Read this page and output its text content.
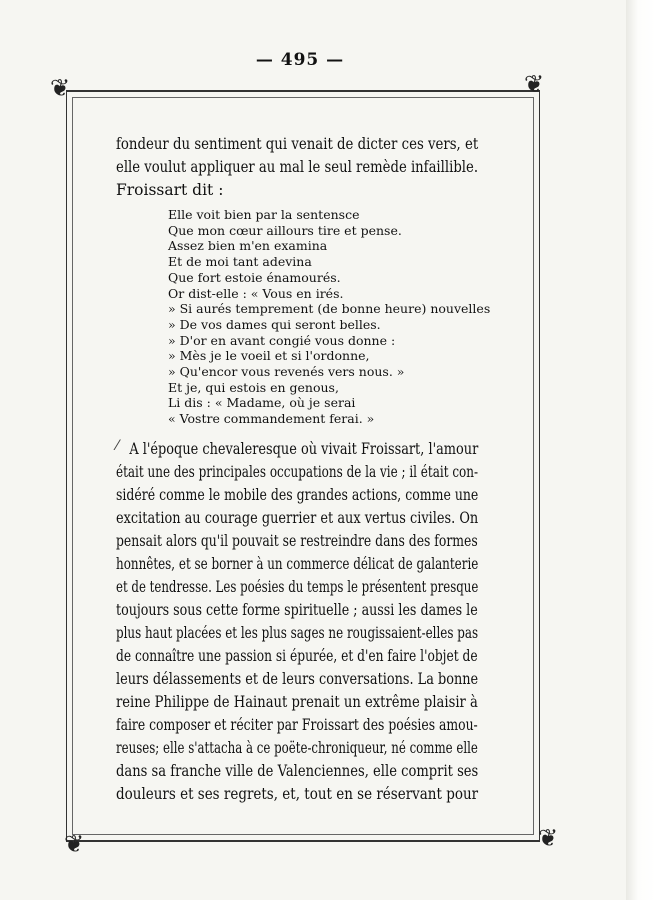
— 495 —
❦	❦
❦	❦

fondeur du sentiment qui venait de dicter ces vers, et
elle voulut appliquer au mal le seul remède infaillible.
Froissart dit :

Elle voit bien par la sentensce
Que mon cœur aillours tire et pense.
Assez bien m'en examina
Et de moi tant adevina
Que fort estoie énamourés.
Or dist-elle : « Vous en irés.
» Si aurés temprement (de bonne heure) nouvelles
» De vos dames qui seront belles.
» D'or en avant congié vous donne :
» Mès je le voeil et si l'ordonne,
» Qu'encor vous revenés vers nous. »
Et je, qui estois en genous,
Li dis : « Madame, où je serai
« Vostre commandement ferai. »
⁄ A l'époque chevaleresque où vivait Froissart, l'amour
était une des principales occupations de la vie ; il était con-
sidéré comme le mobile des grandes actions, comme une
excitation au courage guerrier et aux vertus civiles. On
pensait alors qu'il pouvait se restreindre dans des formes
honnêtes, et se borner à un commerce délicat de galanterie
et de tendresse. Les poésies du temps le présentent presque
toujours sous cette forme spirituelle ; aussi les dames le
plus haut placées et les plus sages ne rougissaient-elles pas
de connaître une passion si épurée, et d'en faire l'objet de
leurs délassements et de leurs conversations. La bonne
reine Philippe de Hainaut prenait un extrême plaisir à
faire composer et réciter par Froissart des poésies amou-
reuses; elle s'attacha à ce poëte-chroniqueur, né comme elle
dans sa franche ville de Valenciennes, elle comprit ses
douleurs et ses regrets, et, tout en se réservant pour
